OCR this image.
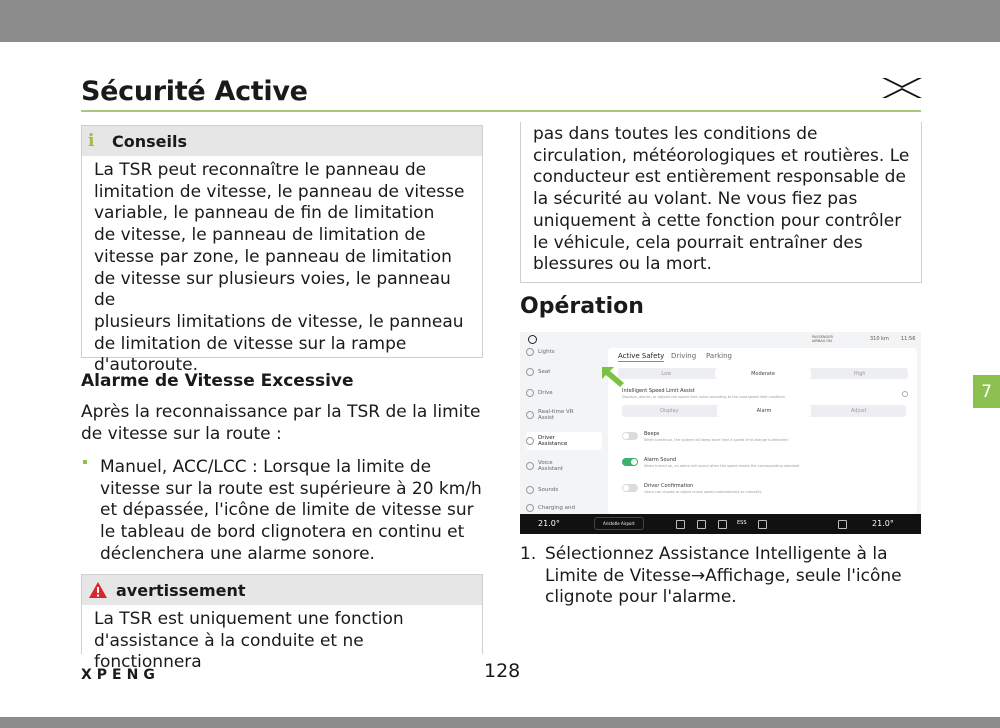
Sécurité Active
7
i	Conseils
La TSR peut reconnaître le panneau de
limitation de vitesse, le panneau de vitesse
variable, le panneau de fin de limitation
de vitesse, le panneau de limitation de
vitesse par zone, le panneau de limitation
de vitesse sur plusieurs voies, le panneau de
plusieurs limitations de vitesse, le panneau
de limitation de vitesse sur la rampe
d'autoroute.
Alarme de Vitesse Excessive
Après la reconnaissance par la TSR de la limite
de vitesse sur la route :
Manuel, ACC/LCC : Lorsque la limite de
vitesse sur la route est supérieure à 20 km/h
et dépassée, l'icône de limite de vitesse sur
le tableau de bord clignotera en continu et
déclenchera une alarme sonore.
avertissement
La TSR est uniquement une fonction
d'assistance à la conduite et ne fonctionnera
pas dans toutes les conditions de
circulation, météorologiques et routières. Le
conducteur est entièrement responsable de
la sécurité au volant. Ne vous fiez pas
uniquement à cette fonction pour contrôler
le véhicule, cela pourrait entraîner des
blessures ou la mort.
Opération
PASSENGER AIRBAG ON	310 km 11:56
Lights
Seat
Drive
Real-time VR Assist
Driver Assistance
Voice Assistant
Sounds
Charging and
Active Safety Driving Parking
Low	Moderate	High
Intelligent Speed Limit Assist
Displays, alarms, or adjusts the speed limit value according to the road speed limit condition
Display	Alarm	Adjust
Beeps
When turned on, the system will beep each time a speed limit change is detected
Alarm Sound
When turned on, an alarm will sound when the speed meets the corresponding standard
Driver Confirmation
Users can choose to adjust cruise speed automatically or manually
21.0°	Aristotle Airport	ESS	21.0°
1. Sélectionnez Assistance Intelligente à la
Limite de Vitesse→Affichage, seule l'icône
clignote pour l'alarme.
XPENG	128
